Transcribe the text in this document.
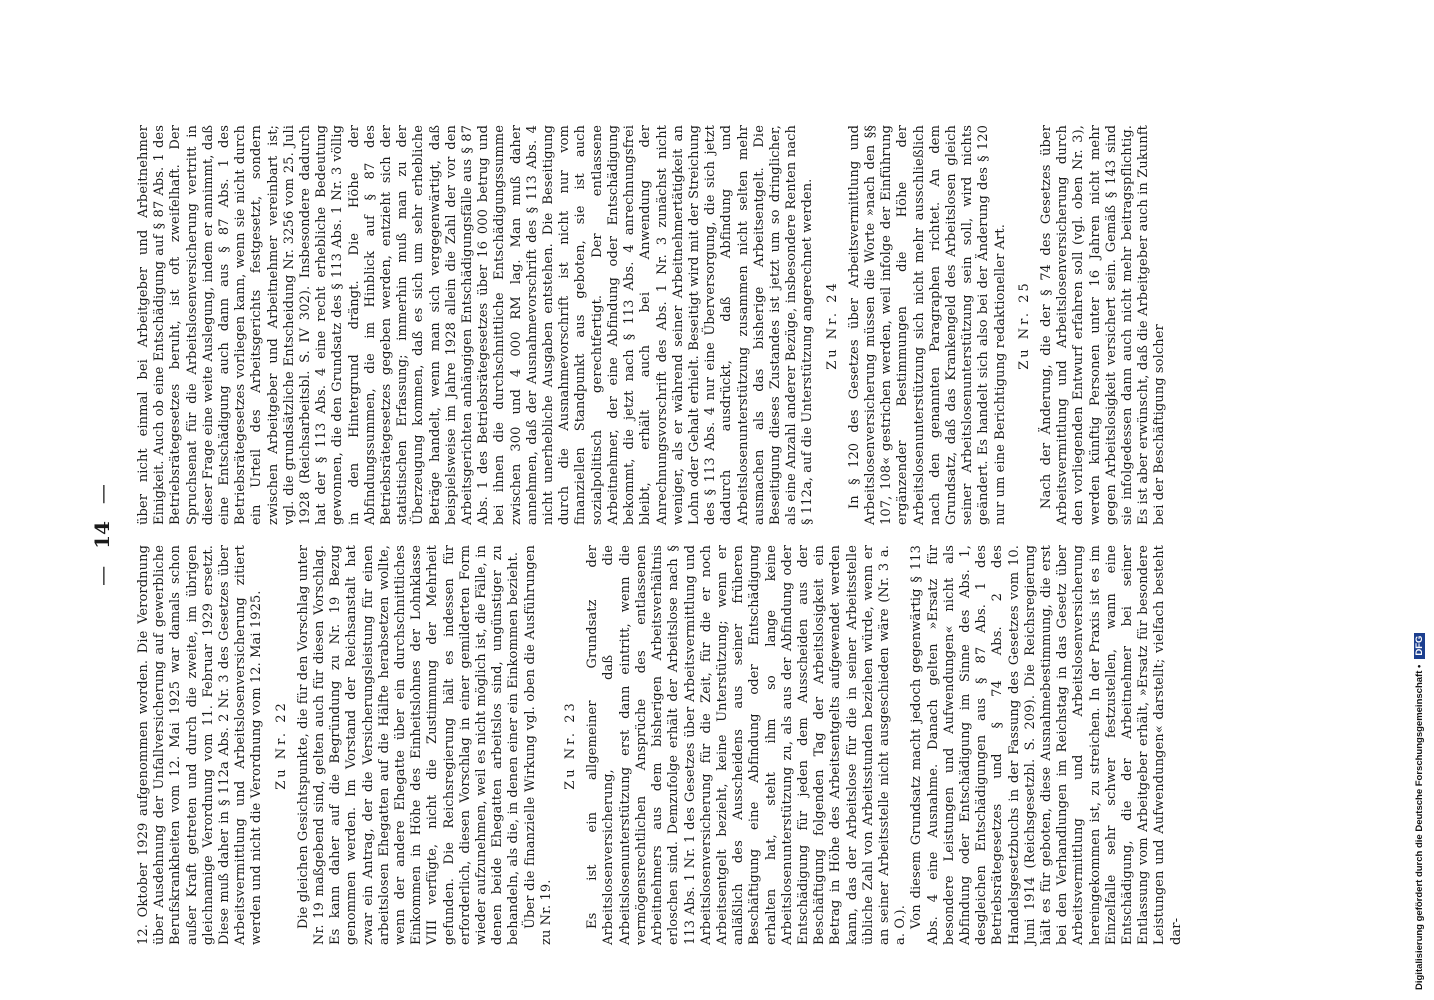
— 14 —

12. Oktober 1929 aufgenommen worden. Die Verordnung über Ausdehnung der Unfallversicherung auf gewerbliche Berufskrankheiten vom 12. Mai 1925 war damals schon außer Kraft getreten und durch die zweite, im übrigen gleichnamige Verordnung vom 11. Februar 1929 ersetzt. Diese muß daher in § 112a Abs. 2 Nr. 3 des Gesetzes über Arbeitsvermittlung und Arbeitslosenversicherung zitiert werden und nicht die Verordnung vom 12. Mai 1925. Zu Nr. 22 Die gleichen Gesichtspunkte, die für den Vorschlag unter Nr. 19 maßgebend sind, gelten auch für diesen Vorschlag. Es kann daher auf die Begründung zu Nr. 19 Bezug genommen werden. Im Vorstand der Reichsanstalt hat zwar ein Antrag, der die Versicherungsleistung für einen arbeitslosen Ehegatten auf die Hälfte herabsetzen wollte, wenn der andere Ehegatte über ein durchschnittliches Einkommen in Höhe des Einheitslohnes der Lohnklasse VIII verfügte, nicht die Zustimmung der Mehrheit gefunden. Die Reichsregierung hält es indessen für erforderlich, diesen Vorschlag in einer gemilderten Form wieder aufzunehmen, weil es nicht möglich ist, die Fälle, in denen beide Ehegatten arbeitslos sind, ungünstiger zu behandeln, als die, in denen einer ein Einkommen bezieht. Über die finanzielle Wirkung vgl. oben die Ausführungen zu Nr. 19.

Zu Nr. 23 Es ist ein allgemeiner Grundsatz der Arbeitslosenversicherung, daß die Arbeitslosenunterstützung erst dann eintritt, wenn die vermögensrechtlichen Ansprüche des entlassenen Arbeitnehmers aus dem bisherigen Arbeitsverhältnis erloschen sind. Demzufolge erhält der Arbeitslose nach § 113 Abs. 1 Nr. 1 des Gesetzes über Arbeitsvermittlung und Arbeitslosenversicherung für die Zeit, für die er noch Arbeitsentgelt bezieht, keine Unterstützung; wenn er anläßlich des Ausscheidens aus seiner früheren Beschäftigung eine Abfindung oder Entschädigung erhalten hat, steht ihm so lange keine Arbeitslosenunterstützung zu, als aus der Abfindung oder Entschädigung für jeden dem Ausscheiden aus der Beschäftigung folgenden Tag der Arbeitslosigkeit ein Betrag in Höhe des Arbeitsentgelts aufgewendet werden kann, das der Arbeitslose für die in seiner Arbeitsstelle übliche Zahl von Arbeitsstunden beziehen würde, wenn er an seiner Arbeitsstelle nicht ausgeschieden wäre (Nr. 3 a. a. O.). Von diesem Grundsatz macht jedoch gegenwärtig § 113 Abs. 4 eine Ausnahme. Danach gelten »Ersatz für besondere Leistungen und Aufwendungen« nicht als Abfindung oder Entschädigung im Sinne des Abs. 1, desgleichen Entschädigungen aus § 87 Abs. 1 des Betriebsrätegesetzes und § 74 Abs. 2 des Handelsgesetzbuchs in der Fassung des Gesetzes vom 10. Juni 1914 (Reichsgesetzbl. S. 209). Die Reichsregierung hält es für geboten, diese Ausnahmebestimmung, die erst bei den Verhandlungen im Reichstag in das Gesetz über Arbeitsvermittlung und Arbeitslosenversicherung hereingekommen ist, zu streichen. In der Praxis ist es im Einzelfalle sehr schwer festzustellen, wann eine Entschädigung, die der Arbeitnehmer bei seiner Entlassung vom Arbeitgeber erhält, »Ersatz für besondere Leistungen und Aufwendungen« darstellt; vielfach besteht dar-

über nicht einmal bei Arbeitgeber und Arbeitnehmer Einigkeit. Auch ob eine Entschädigung auf § 87 Abs. 1 des Betriebsrätegesetzes beruht, ist oft zweifelhaft. Der Spruchsenat für die Arbeitslosenversicherung vertritt in dieser Frage eine weite Auslegung, indem er annimmt, daß eine Entschädigung auch dann aus § 87 Abs. 1 des Betriebsrätegesetzes vorliegen kann, wenn sie nicht durch ein Urteil des Arbeitsgerichts festgesetzt, sondern zwischen Arbeitgeber und Arbeitnehmer vereinbart ist; vgl. die grundsätzliche Entscheidung Nr. 3256 vom 25. Juli 1928 (Reichsarbeitsbl. S. IV 302). Insbesondere dadurch hat der § 113 Abs. 4 eine recht erhebliche Bedeutung gewonnen, die den Grundsatz des § 113 Abs. 1 Nr. 3 völlig in den Hintergrund drängt. Die Höhe der Abfindungssummen, die im Hinblick auf § 87 des Betriebsrätegesetzes gegeben werden, entzieht sich der statistischen Erfassung; immerhin muß man zu der Überzeugung kommen, daß es sich um sehr erhebliche Beträge handelt, wenn man sich vergegenwärtigt, daß beispielsweise im Jahre 1928 allein die Zahl der vor den Arbeitsgerichten anhängigen Entschädigungsfälle aus § 87 Abs. 1 des Betriebsrätegesetzes über 16 000 betrug und bei ihnen die durchschnittliche Entschädigungssumme zwischen 300 und 4 000 RM lag. Man muß daher annehmen, daß der Ausnahmevorschrift des § 113 Abs. 4 nicht unerhebliche Ausgaben entstehen. Die Beseitigung durch die Ausnahmevorschrift ist nicht nur vom finanziellen Standpunkt aus geboten, sie ist auch sozialpolitisch gerechtfertigt. Der entlassene Arbeitnehmer, der eine Abfindung oder Entschädigung bekommt, die jetzt nach § 113 Abs. 4 anrechnungsfrei bleibt, erhält auch bei Anwendung der Anrechnungsvorschrift des Abs. 1 Nr. 3 zunächst nicht weniger, als er während seiner Arbeitnehmertätigkeit an Lohn oder Gehalt erhielt. Beseitigt wird mit der Streichung des § 113 Abs. 4 nur eine Überversorgung, die sich jetzt dadurch ausdrückt, daß Abfindung und Arbeitslosenunterstützung zusammen nicht selten mehr ausmachen als das bisherige Arbeitsentgelt. Die Beseitigung dieses Zustandes ist jetzt um so dringlicher, als eine Anzahl anderer Bezüge, insbesondere Renten nach § 112a, auf die Unterstützung angerechnet werden. Zu Nr. 24 In § 120 des Gesetzes über Arbeitsvermittlung und Arbeitslosenversicherung müssen die Worte »nach den §§ 107, 108« gestrichen werden, weil infolge der Einführung ergänzender Bestimmungen die Höhe der Arbeitslosenunterstützung sich nicht mehr ausschließlich nach den genannten Paragraphen richtet. An dem Grundsatz, daß das Krankengeld des Arbeitslosen gleich seiner Arbeitslosenunterstützung sein soll, wird nichts geändert. Es handelt sich also bei der Änderung des § 120 nur um eine Berichtigung redaktioneller Art. Zu Nr. 25 Nach der Änderung, die der § 74 des Gesetzes über Arbeitsvermittlung und Arbeitslosenversicherung durch den vorliegenden Entwurf erfahren soll (vgl. oben Nr. 3), werden künftig Personen unter 16 Jahren nicht mehr gegen Arbeitslosigkeit versichert sein. Gemäß § 143 sind sie infolgedessen dann auch nicht mehr beitragspflichtig. Es ist aber erwünscht, daß die Arbeitgeber auch in Zukunft bei der Beschäftigung solcher

Digitalisierung gefördert durch die Deutsche Forschungsgemeinschaft •DFG
